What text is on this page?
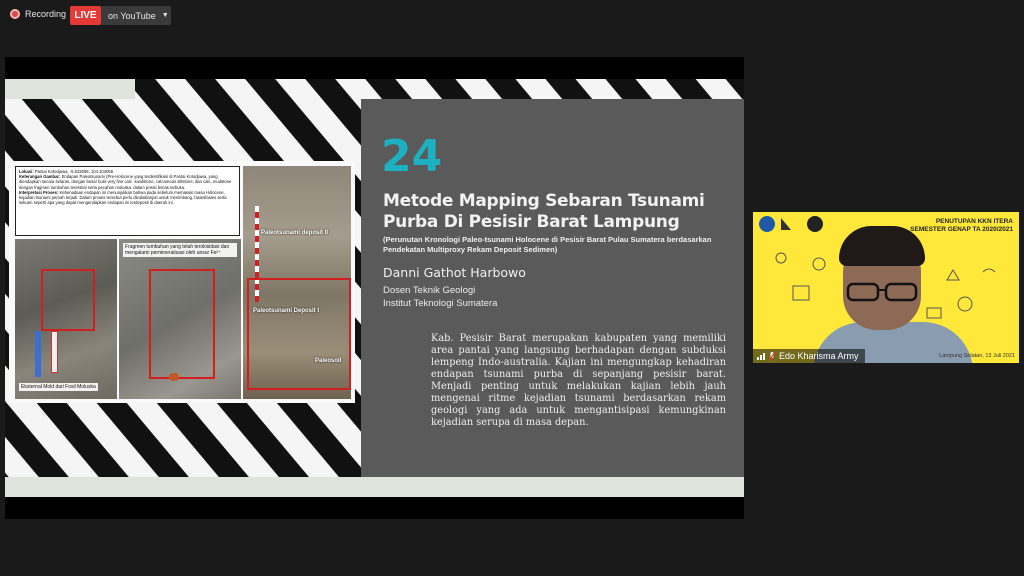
Recording LIVE	on YouTube ▼
Lokasi: Pantai Kotodjawa, -5.633056, 104.104055
Keterangan Gambar: Endapan Paleotsunami (Pre-Holocene yang terdentifikasi di Pantai Kotodjawa, yang diendapkan secara selaras, dengan besar butir very fine calc. sandstone, calcareous siltstone, dan calc. mudstone dengan fragmen tumbuhan terestrial serta pecahan moluska. dalam posisi lemas terbuka.
Interpretasi Proses: Kebenadaan endapan ini menunjukkan bahwa pada sebelum memasuki masa Holocene, kejadian tsunami pernah terjadi. Dalam proses tersebut perlu diindaklanjuti untuk menimbang, fasiesfasies serta sekuen seperti apa yang dapat mengendapkan endapan ini terdeposit di daerah ini.
Eksternal Mold dari Fosil Moluska
Fragmen tumbuhan yang telah terokisidasi dan mengalami permineralisasi oleh unsur Fe²⁺
Paleotsunami deposit II
Paleotsunami Deposit I
Paleosoil
24
Metode Mapping Sebaran Tsunami Purba Di Pesisir Barat Lampung
(Perunutan Kronologi Paleo-tsunami Holocene di Pesisir Barat Pulau Sumatera berdasarkan Pendekatan Multiproxy Rekam Deposit Sedimen)
Danni Gathot Harbowo
Dosen Teknik Geologi
Institut Teknologi Sumatera
Kab. Pesisir Barat merupakan kabupaten yang memiliki area pantai yang langsung berhadapan dengan subduksi lempeng Indo-australia. Kajian ini mengungkap kehadiran endapan tsunami purba di sepanjang pesisir barat. Menjadi penting untuk melakukan kajian lebih jauh mengenai ritme kejadian tsunami berdasarkan rekam geologi yang ada untuk mengantisipasi kemungkinan kejadian serupa di masa depan.
PENUTUPAN KKN ITERA
SEMESTER GENAP TA 2020/2021
Lampung Selatan, 13 Juli 2021
Edo Kharisma Army
